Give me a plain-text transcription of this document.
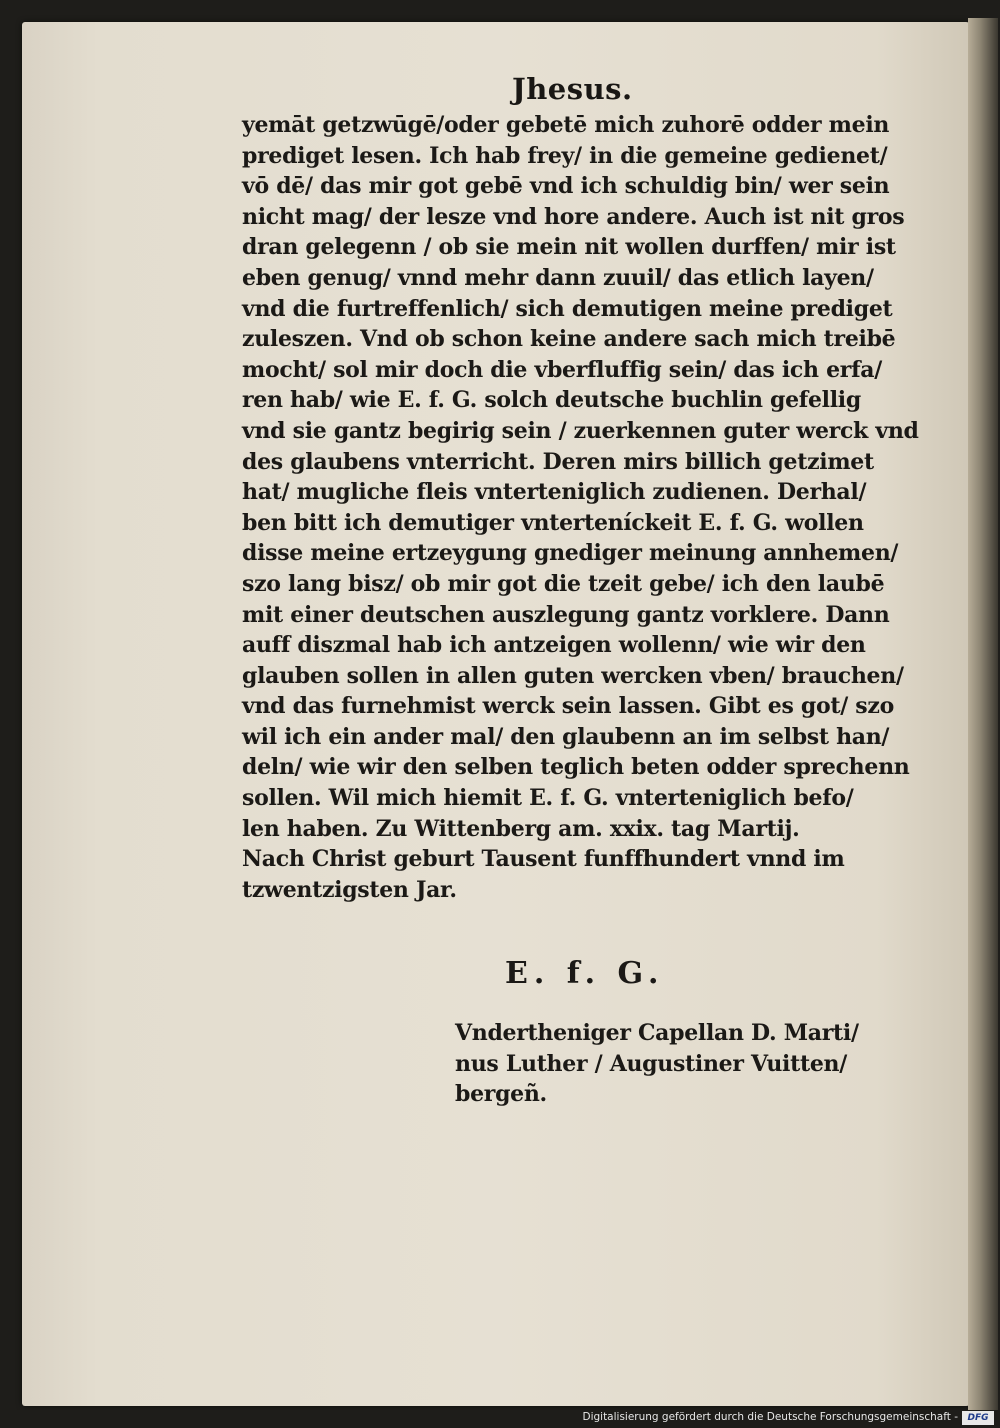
Jhesus.
yemāt getzwūgē/oder gebetē mich zuhorē odder mein
prediget lesen. Ich hab frey/ in die gemeine gedienet/
vō dē/ das mir got gebē vnd ich schuldig bin/ wer sein
nicht mag/ der lesze vnd hore andere. Auch ist nit gros
dran gelegenn / ob sie mein nit wollen durffen/ mir ist
eben genug/ vnnd mehr dann zuuil/ das etlich layen/
vnd die furtreffenlich/ sich demutigen meine prediget
zuleszen. Vnd ob schon keine andere sach mich treibē
mocht/ sol mir doch die vberfluffig sein/ das ich erfa/
ren hab/ wie E. f. G. solch deutsche buchlin gefellig
vnd sie gantz begirig sein / zuerkennen guter werck vnd
des glaubens vnterricht. Deren mirs billich getzimet
hat/ mugliche fleis vnterteniglich zudienen. Derhal/
ben bitt ich demutiger vnterteníckeit E. f. G. wollen
disse meine ertzeygung gnediger meinung annhemen/
szo lang bisz/ ob mir got die tzeit gebe/ ich den laubē
mit einer deutschen auszlegung gantz vorklere. Dann
auff diszmal hab ich antzeigen wollenn/ wie wir den
glauben sollen in allen guten wercken vben/ brauchen/
vnd das furnehmist werck sein lassen. Gibt es got/ szo
wil ich ein ander mal/ den glaubenn an im selbst han/
deln/ wie wir den selben teglich beten odder sprechenn
sollen. Wil mich hiemit E. f. G. vnterteniglich befo/
len haben. Zu Wittenberg am. xxix. tag Martij.
Nach Christ geburt Tausent funffhundert vnnd im
tzwentzigsten Jar.
E. f. G.
Vndertheniger Capellan D. Marti/
nus Luther / Augustiner Vuitten/
bergeñ.
Digitalisierung gefördert durch die Deutsche Forschungsgemeinschaft -	DFG
